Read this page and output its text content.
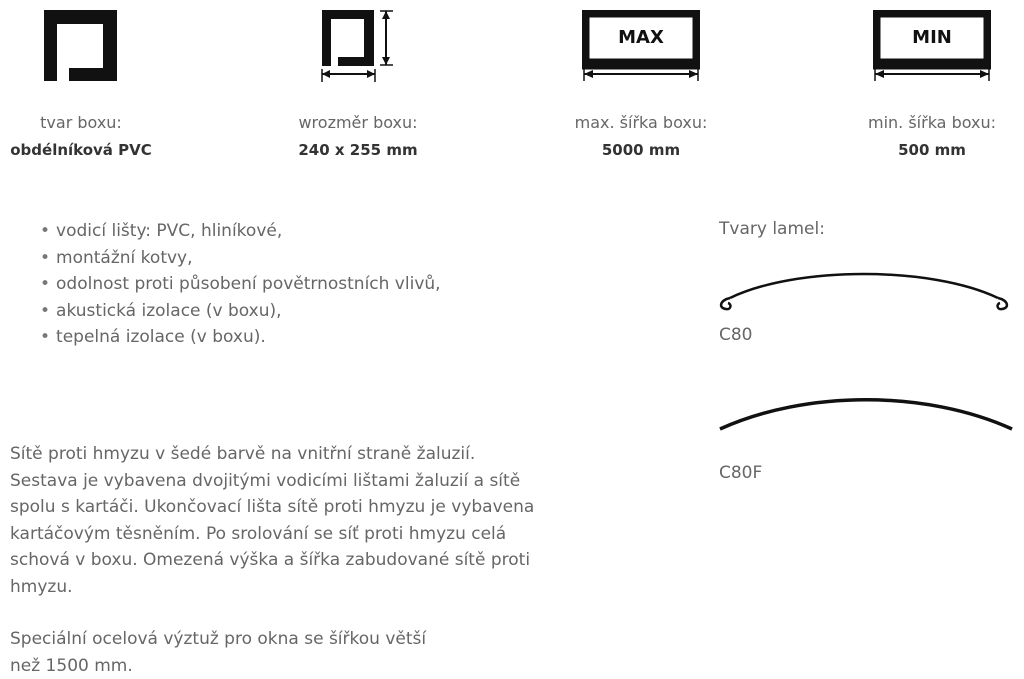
MAX	MIN
tvar boxu:
obdélníková PVC
wrozměr boxu:
240 x 255 mm
max. šířka boxu:
5000 mm
min. šířka boxu:
500 mm
• vodicí lišty: PVC, hliníkové,
• montážní kotvy,
• odolnost proti působení povětrnostních vlivů,
• akustická izolace (v boxu),
• tepelná izolace (v boxu).
Tvary lamel:
C80
C80F
Sítě proti hmyzu v šedé barvě na vnitřní straně žaluzií.
Sestava je vybavena dvojitými vodicími lištami žaluzií a sítě
spolu s kartáči. Ukončovací lišta sítě proti hmyzu je vybavena
kartáčovým těsněním. Po srolování se síť proti hmyzu celá
schová v boxu. Omezená výška a šířka zabudované sítě proti
hmyzu.
Speciální ocelová výztuž pro okna se šířkou větší
než 1500 mm.
